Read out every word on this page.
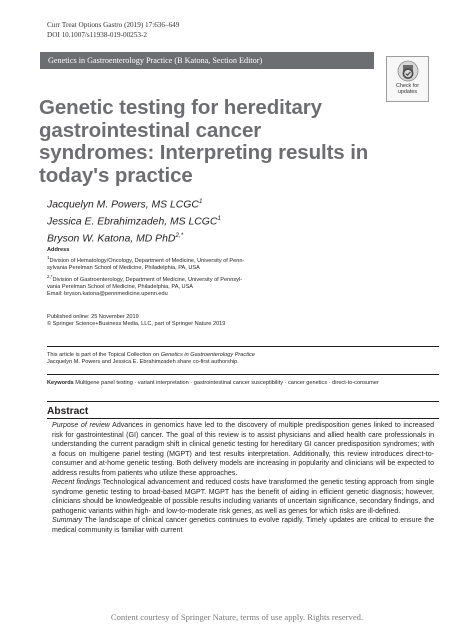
Curr Treat Options Gastro (2019) 17:636–649
DOI 10.1007/s11938-019-00253-2
Genetics in Gastroenterology Practice (B Katona, Section Editor)
Check for
updates
Genetic testing for hereditary gastrointestinal cancer syndromes: Interpreting results in today's practice
Jacquelyn M. Powers, MS LCGC$^1$
Jessica E. Ebrahimzadeh, MS LCGC$^1$
Bryson W. Katona, MD PhD$^{2,*}$
Address
$^1$Division of Hematology/Oncology, Department of Medicine, University of Penn-
sylvania Perelman School of Medicine, Philadelphia, PA, USA
$^{2,*}$Division of Gastroenterology, Department of Medicine, University of Pennsyl-
vania Perelman School of Medicine, Philadelphia, PA, USA
Email: bryson.katona@pennmedicine.upenn.edu
Published online: 25 November 2019
© Springer Science+Business Media, LLC, part of Springer Nature 2019
This article is part of the Topical Collection on Genetics in Gastroenterology Practice
Jacquelyn M. Powers and Jessica E. Ebrahimzadeh share co-first authorship.
Keywords Multigene panel testing · variant interpretation · gastrointestinal cancer susceptibility · cancer genetics · direct-to-consumer
Abstract

Purpose of review Advances in genomics have led to the discovery of multiple predisposition genes linked to increased risk for gastrointestinal (GI) cancer. The goal of this review is to assist physicians and allied health care professionals in understanding the current paradigm shift in clinical genetic testing for hereditary GI cancer predisposition syndromes; with a focus on multigene panel testing (MGPT) and test results interpretation. Additionally, this review introduces direct-to-consumer and at-home genetic testing. Both delivery models are increasing in popularity and clinicians will be expected to address results from patients who utilize these approaches.

Recent findings Technological advancement and reduced costs have transformed the genetic testing approach from single syndrome genetic testing to broad-based MGPT. MGPT has the benefit of aiding in efficient genetic diagnosis; however, clinicians should be knowledgeable of possible results including variants of uncertain significance, secondary findings, and pathogenic variants within high- and low-to-moderate risk genes, as well as genes for which risks are ill-defined.

Summary The landscape of clinical cancer genetics continues to evolve rapidly. Timely updates are critical to ensure the medical community is familiar with current

Content courtesy of Springer Nature, terms of use apply. Rights reserved.
